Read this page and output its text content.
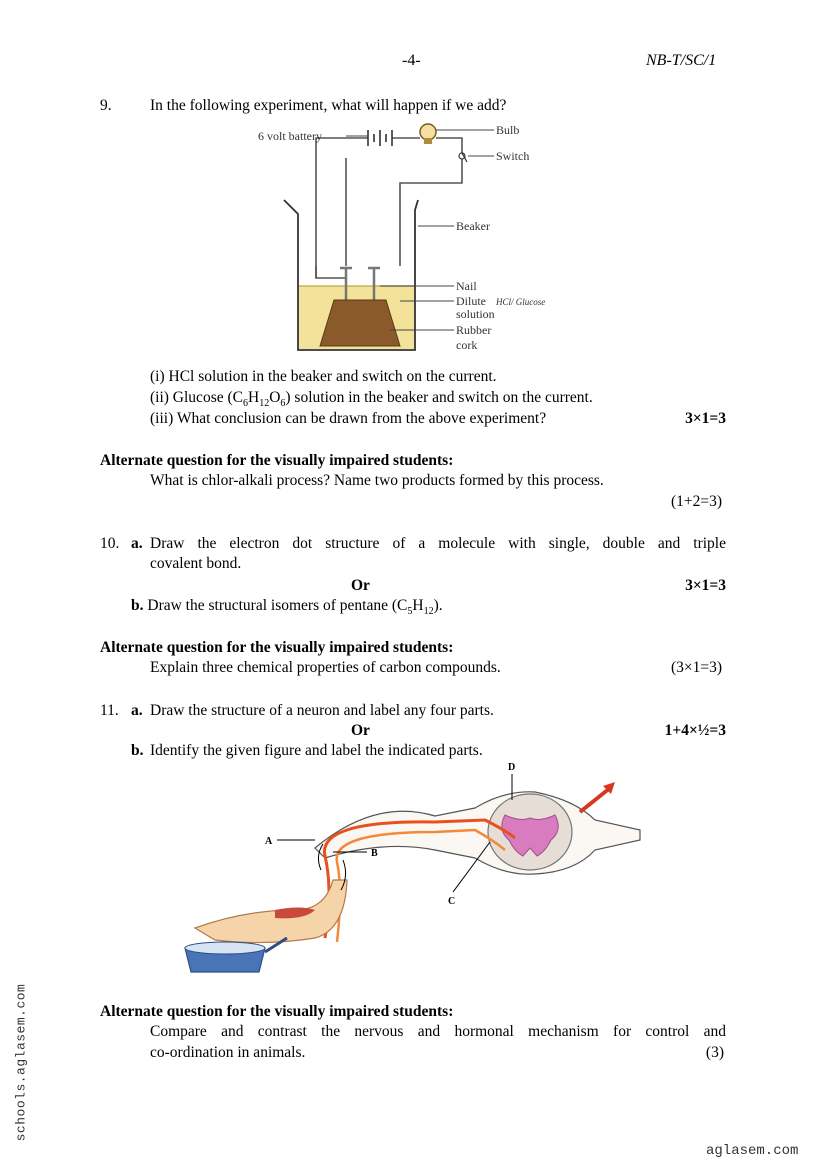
-4-	NB-T/SC/1
9. In the following experiment, what will happen if we add?
6 volt battery	Bulb
Switch
Beaker
Nail
Dilute HCl/ Glucose
solution
Rubber
cork
(i) HCl solution in the beaker and switch on the current.
(ii) Glucose $(C_6H_{12}O_6)$ solution in the beaker and switch on the current.
(iii) What conclusion can be drawn from the above experiment?	3×1=3
Alternate question for the visually impaired students:
What is chlor-alkali process? Name two products formed by this process.
(1+2=3)
10. a. Draw the electron dot structure of a molecule with single, double and triple
covalent bond.
Or	3×1=3
b. Draw the structural isomers of pentane $(C_5H_{12})$.
Alternate question for the visually impaired students:
Explain three chemical properties of carbon compounds.	(3×1=3)
11. a. Draw the structure of a neuron and label any four parts.
Or	1+4×½=3
b. Identify the given figure and label the indicated parts.
A
B
C
D
Alternate question for the visually impaired students:
Compare and contrast the nervous and hormonal mechanism for control and
co-ordination in animals.	(3)
schools.aglasem.com
aglasem.com
